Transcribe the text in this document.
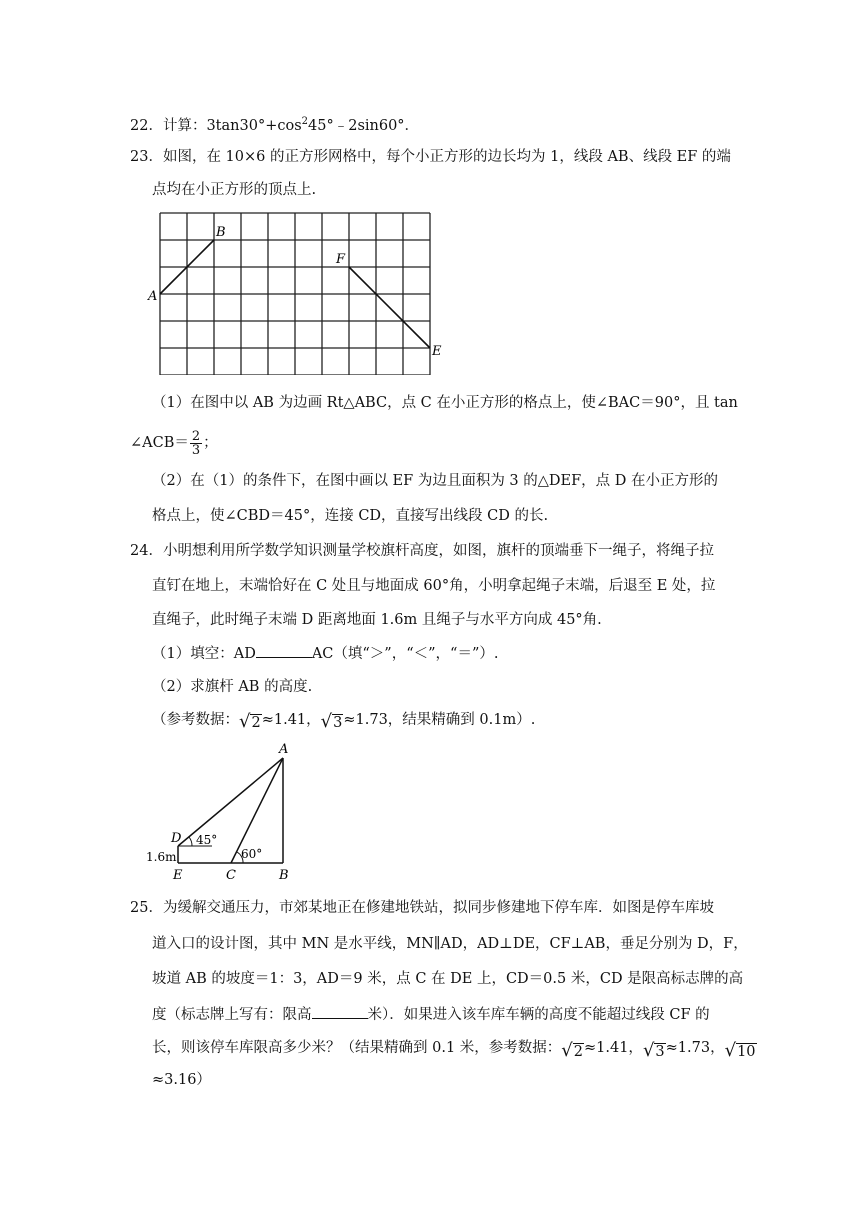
22．计算：$3\tan 30^\circ+\cos^245^\circ﹣2\sin 60^\circ$．
23．如图，在 10×6 的正方形网格中，每个小正方形的边长均为 1，线段 AB、线段 EF 的端
点均在小正方形的顶点上.
A
B
F
E
（1）在图中以 AB 为边画 Rt△ABC，点 C 在小正方形的格点上，使∠BAC＝90°，且 tan
∠ACB＝ $\frac{2}{3}$ ；
（2）在（1）的条件下，在图中画以 EF 为边且面积为 3 的△DEF，点 D 在小正方形的
格点上，使∠CBD＝45°，连接 CD，直接写出线段 CD 的长.
24．小明想利用所学数学知识测量学校旗杆高度，如图，旗杆的顶端垂下一绳子，将绳子拉
直钉在地上，末端恰好在 C 处且与地面成 60°角，小明拿起绳子末端，后退至 E 处，拉
直绳子，此时绳子末端 D 距离地面 1.6m 且绳子与水平方向成 45°角.
（1）填空：AD	AC（填“＞”，“＜”，“＝”）.
（2）求旗杆 AB 的高度.
（参考数据： √ 2 ≈1.41， √ 3 ≈1.73，结果精确到 0.1m）.
A
D 45°
60°
1.6m
E	C	B
25．为缓解交通压力，市郊某地正在修建地铁站，拟同步修建地下停车库．如图是停车库坡
道入口的设计图，其中 MN 是水平线，MN∥AD，AD⊥DE，CF⊥AB，垂足分别为 D，F，
坡道 AB 的坡度＝1：3，AD＝9 米，点 C 在 DE 上，CD＝0.5 米，CD 是限高标志牌的高
度（标志牌上写有：限高	米）．如果进入该车库车辆的高度不能超过线段 CF 的
长，则该停车库限高多少米？（结果精确到 0.1 米，参考数据： √ 2 ≈1.41， √ 3 ≈1.73， √ 10
≈3.16）
